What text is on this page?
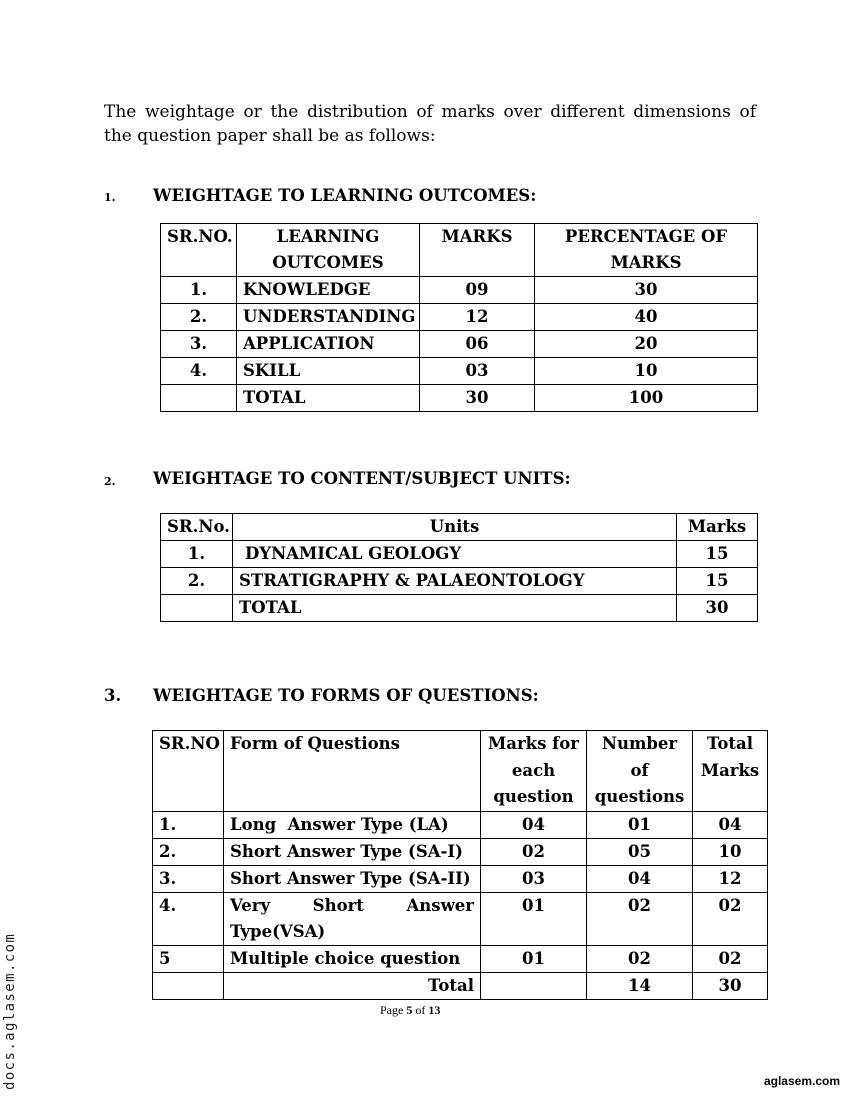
The weightage or the distribution of marks over different dimensions of the question paper shall be as follows:
1. WEIGHTAGE TO LEARNING OUTCOMES:
SR.NO.	LEARNING OUTCOMES	MARKS	PERCENTAGE OF MARKS
1.	KNOWLEDGE	09	30
2.	UNDERSTANDING	12	40
3.	APPLICATION	06	20
4.	SKILL	03	10
	TOTAL	30	100
2. WEIGHTAGE TO CONTENT/SUBJECT UNITS:
SR.No.	Units	Marks
1.	DYNAMICAL GEOLOGY	15
2.	STRATIGRAPHY & PALAEONTOLOGY	15
	TOTAL	30
3. WEIGHTAGE TO FORMS OF QUESTIONS:
SR.NO	Form of Questions	Marks for each question	Number of questions	Total Marks
1.	Long  Answer Type (LA)	04	01	04
2.	Short Answer Type (SA-I)	02	05	10
3.	Short Answer Type (SA-II)	03	04	12
4.	Very Short Answer Type(VSA)	01	02	02
5	Multiple choice question	01	02	02
	Total		14	30
Page 5 of 13
docs.aglasem.com	aglasem.com
